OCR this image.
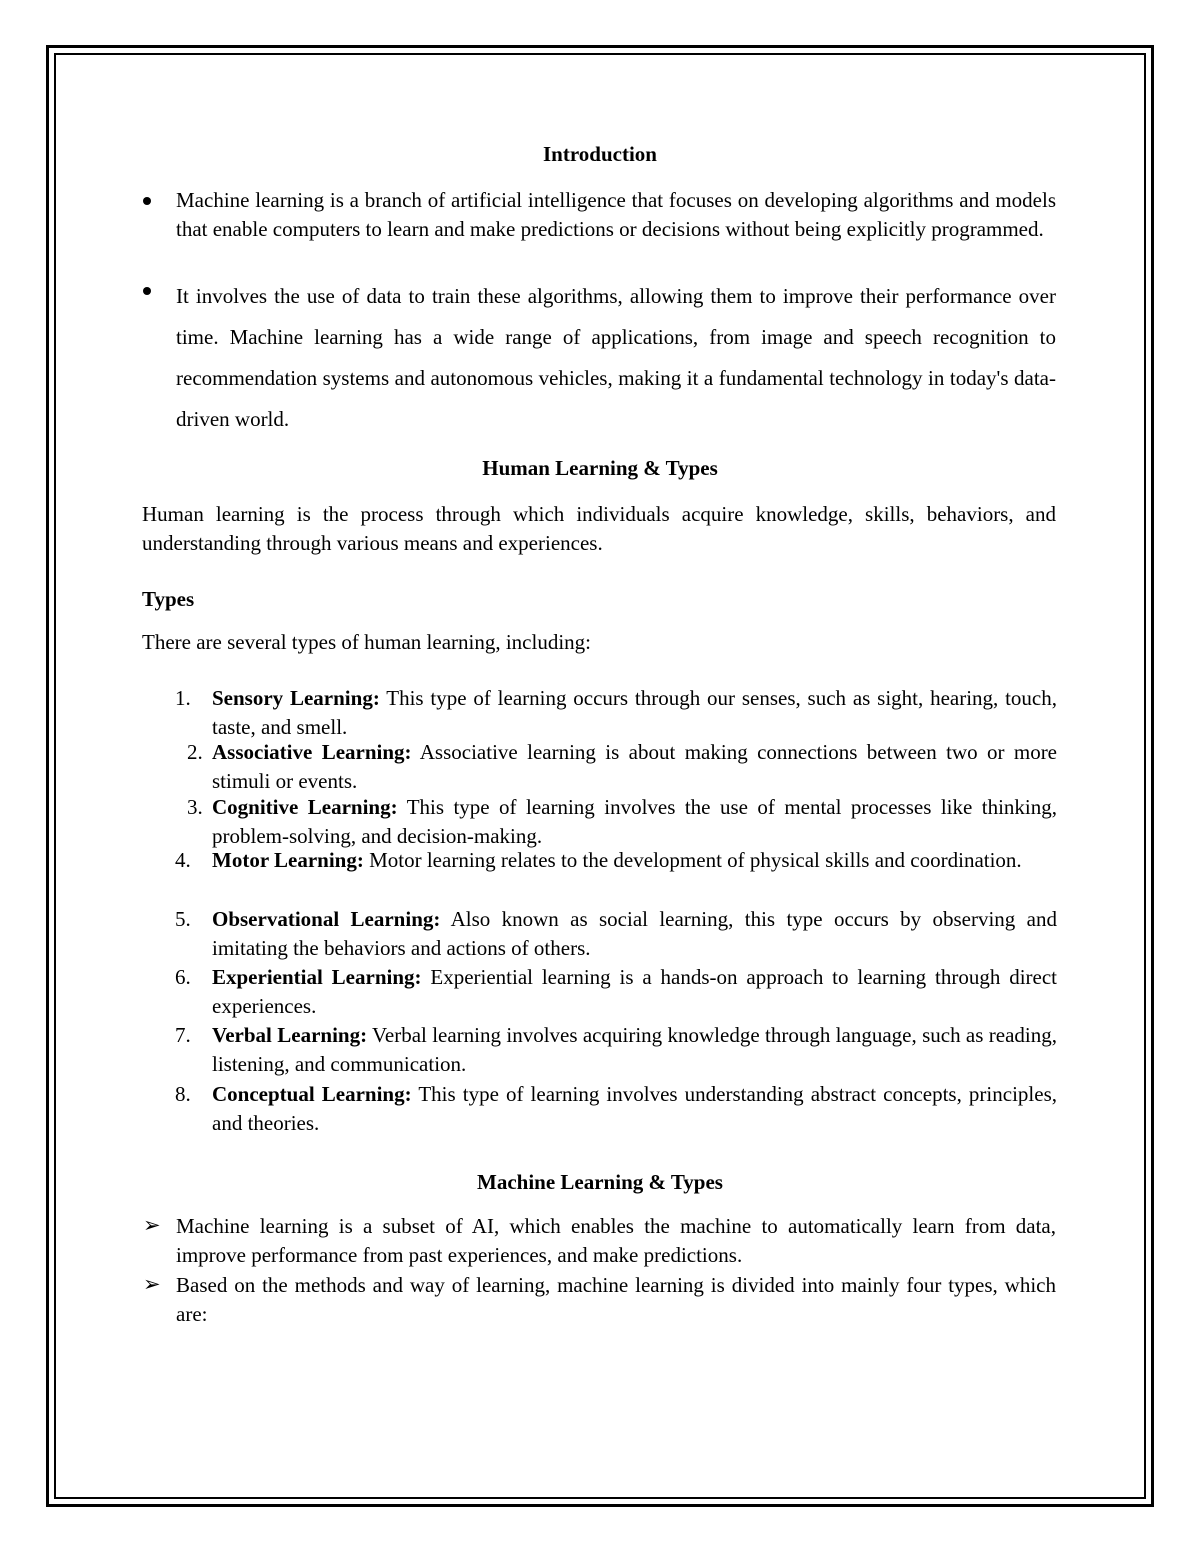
Introduction
Machine learning is a branch of artificial intelligence that focuses on developing algorithms and models that enable computers to learn and make predictions or decisions without being explicitly programmed.
It involves the use of data to train these algorithms, allowing them to improve their performance over time. Machine learning has a wide range of applications, from image and speech recognition to recommendation systems and autonomous vehicles, making it a fundamental technology in today's data-driven world.
Human Learning & Types
Human learning is the process through which individuals acquire knowledge, skills, behaviors, and understanding through various means and experiences.
Types
There are several types of human learning, including:
1. Sensory Learning: This type of learning occurs through our senses, such as sight, hearing, touch, taste, and smell.
2. Associative Learning: Associative learning is about making connections between two or more stimuli or events.
3. Cognitive Learning: This type of learning involves the use of mental processes like thinking, problem-solving, and decision-making.
4. Motor Learning: Motor learning relates to the development of physical skills and coordination.
5. Observational Learning: Also known as social learning, this type occurs by observing and imitating the behaviors and actions of others.
6. Experiential Learning: Experiential learning is a hands-on approach to learning through direct experiences.
7. Verbal Learning: Verbal learning involves acquiring knowledge through language, such as reading, listening, and communication.
8. Conceptual Learning: This type of learning involves understanding abstract concepts, principles, and theories.
Machine Learning & Types
➢ Machine learning is a subset of AI, which enables the machine to automatically learn from data, improve performance from past experiences, and make predictions.
➢ Based on the methods and way of learning, machine learning is divided into mainly four types, which are:
